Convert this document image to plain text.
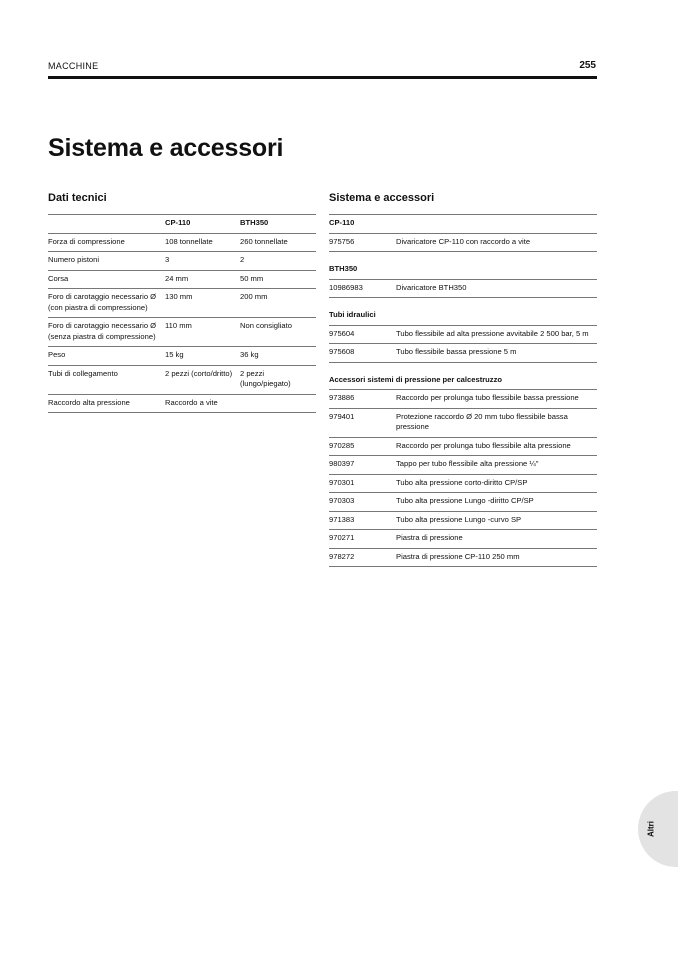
MACCHINE	255
Sistema e accessori
Dati tecnici	Sistema e accessori
	CP-110	BTH350
Forza di compressione	108 tonnellate	260 tonnellate
Numero pistoni	3	2
Corsa	24 mm	50 mm
Foro di carotaggio necessario Ø (con piastra di compressione)	130 mm	200 mm
Foro di carotaggio necessario Ø (senza piastra di compressione)	110 mm	Non consigliato
Peso	15 kg	36 kg
Tubi di collegamento	2 pezzi (corto/dritto)	2 pezzi (lungo/piegato)
Raccordo alta pressione	Raccordo a vite	
CP-110	
975756	Divaricatore CP-110 con raccordo a vite

BTH350	
10986983	Divaricatore BTH350

Tubi idraulici	
975604	Tubo flessibile ad alta pressione avvitabile 2 500 bar, 5 m
975608	Tubo flessibile bassa pressione 5 m

Accessori sistemi di pressione per calcestruzzo	
973886	Raccordo per prolunga tubo flessibile bassa pressione
979401	Protezione raccordo Ø 20 mm tubo flessibile bassa pressione
970285	Raccordo per prolunga tubo flessibile alta pressione
980397	Tappo per tubo flessibile alta pressione ¼"
970301	Tubo alta pressione corto-diritto CP/SP
970303	Tubo alta pressione Lungo -diritto CP/SP
971383	Tubo alta pressione Lungo -curvo SP
970271	Piastra di pressione
978272	Piastra di pressione CP-110 250 mm
Altri
